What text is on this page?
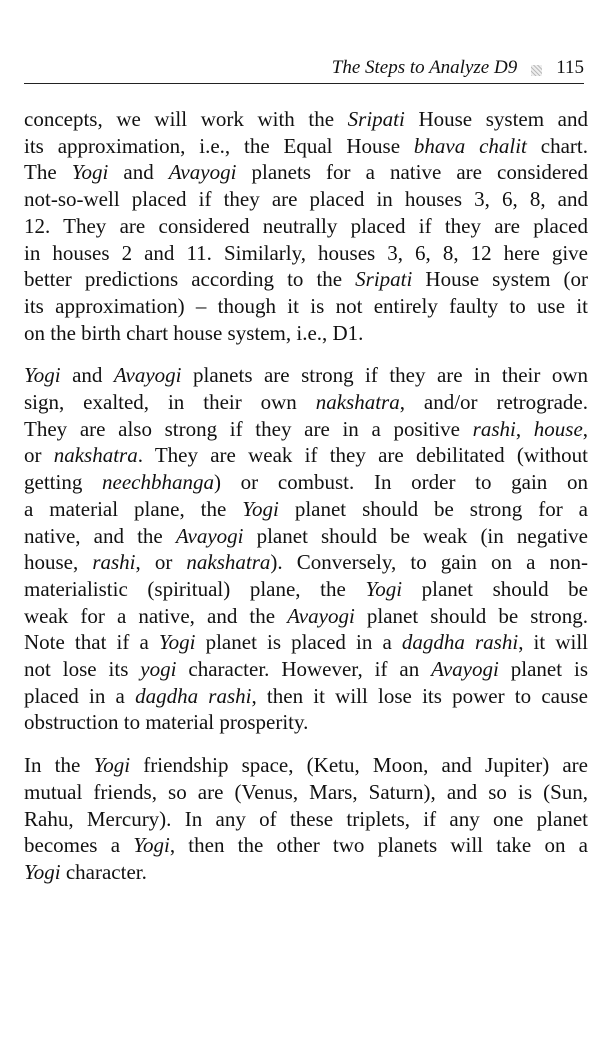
The Steps to Analyze D9 115

concepts, we will work with the Sripati House system and
its approximation, i.e., the Equal House bhava chalit chart.
The Yogi and Avayogi planets for a native are considered
not-so-well placed if they are placed in houses 3, 6, 8, and
12. They are considered neutrally placed if they are placed
in houses 2 and 11. Similarly, houses 3, 6, 8, 12 here give
better predictions according to the Sripati House system (or
its approximation) – though it is not entirely faulty to use it
on the birth chart house system, i.e., D1.

Yogi and Avayogi planets are strong if they are in their own
sign, exalted, in their own nakshatra, and/or retrograde.
They are also strong if they are in a positive rashi, house,
or nakshatra. They are weak if they are debilitated (without
getting neechbhanga) or combust. In order to gain on
a material plane, the Yogi planet should be strong for a
native, and the Avayogi planet should be weak (in negative
house, rashi, or nakshatra). Conversely, to gain on a non-
materialistic (spiritual) plane, the Yogi planet should be
weak for a native, and the Avayogi planet should be strong.
Note that if a Yogi planet is placed in a dagdha rashi, it will
not lose its yogi character. However, if an Avayogi planet is
placed in a dagdha rashi, then it will lose its power to cause
obstruction to material prosperity.

In the Yogi friendship space, (Ketu, Moon, and Jupiter) are
mutual friends, so are (Venus, Mars, Saturn), and so is (Sun,
Rahu, Mercury). In any of these triplets, if any one planet
becomes a Yogi, then the other two planets will take on a
Yogi character.
